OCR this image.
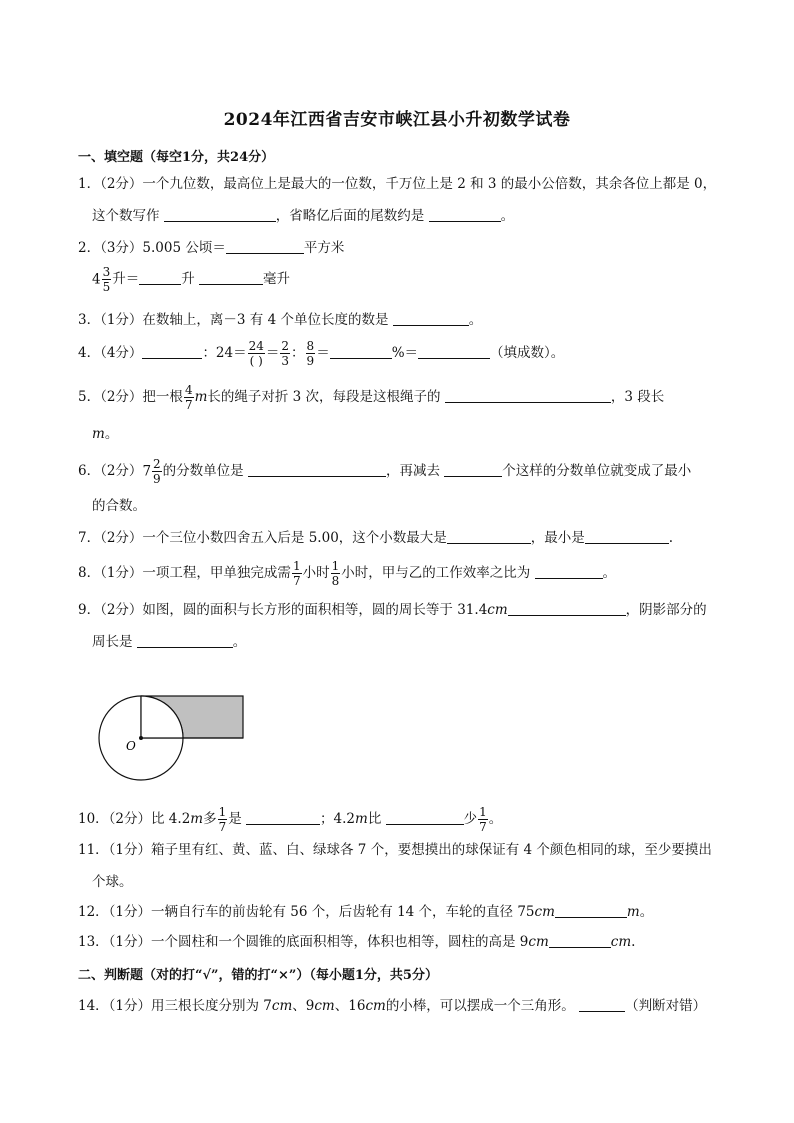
2024年江西省吉安市峡江县小升初数学试卷
一、填空题（每空1分，共24分）
1．（2分）一个九位数，最高位上是最大的一位数，千万位上是 2 和 3 的最小公倍数，其余各位上都是 0，
这个数写作	，省略亿后面的尾数约是	。
2．（3分）5.005 公顷＝	平方米
$4 \frac{3}{5}$ 升＝	升	毫升
3．（1分）在数轴上，离－3 有 4 个单位长度的数是	。
4．（4分）	：$24= \frac{24}{( )} = \frac{2}{3}$ ： $\frac{8}{9}$ ＝	%＝	（填成数）。
5．（2分）把一根 $\frac{4}{7}$ m长的绳子对折 3 次，每段是这根绳子的	，3 段长
m。
6．（2分）$7 \frac{2}{9}$ 的分数单位是	，再减去	个这样的分数单位就变成了最小
的合数。
7．（2分）一个三位小数四舍五入后是 5.00，这个小数最大是	，最小是	.
8．（1分）一项工程，甲单独完成需 $\frac{1}{7}$ 小时 $\frac{1}{8}$ 小时，甲与乙的工作效率之比为	。
9．（2分）如图，圆的面积与长方形的面积相等，圆的周长等于 31.4cm	，阴影部分的
周长是	。
O
10．（2分）比 4.2m多 $\frac{1}{7}$ 是	；4.2m比	少 $\frac{1}{7}$ 。
11．（1分）箱子里有红、黄、蓝、白、绿球各 7 个，要想摸出的球保证有 4 个颜色相同的球，至少要摸出
个球。
12．（1分）一辆自行车的前齿轮有 56 个，后齿轮有 14 个，车轮的直径 75cm	m。
13．（1分）一个圆柱和一个圆锥的底面积相等，体积也相等，圆柱的高是 9cm	cm.
二、判断题（对的打“√”，错的打“×”）（每小题1分，共5分）
14．（1分）用三根长度分别为 7cm、9cm、16cm的小棒，可以摆成一个三角形。	（判断对错）
